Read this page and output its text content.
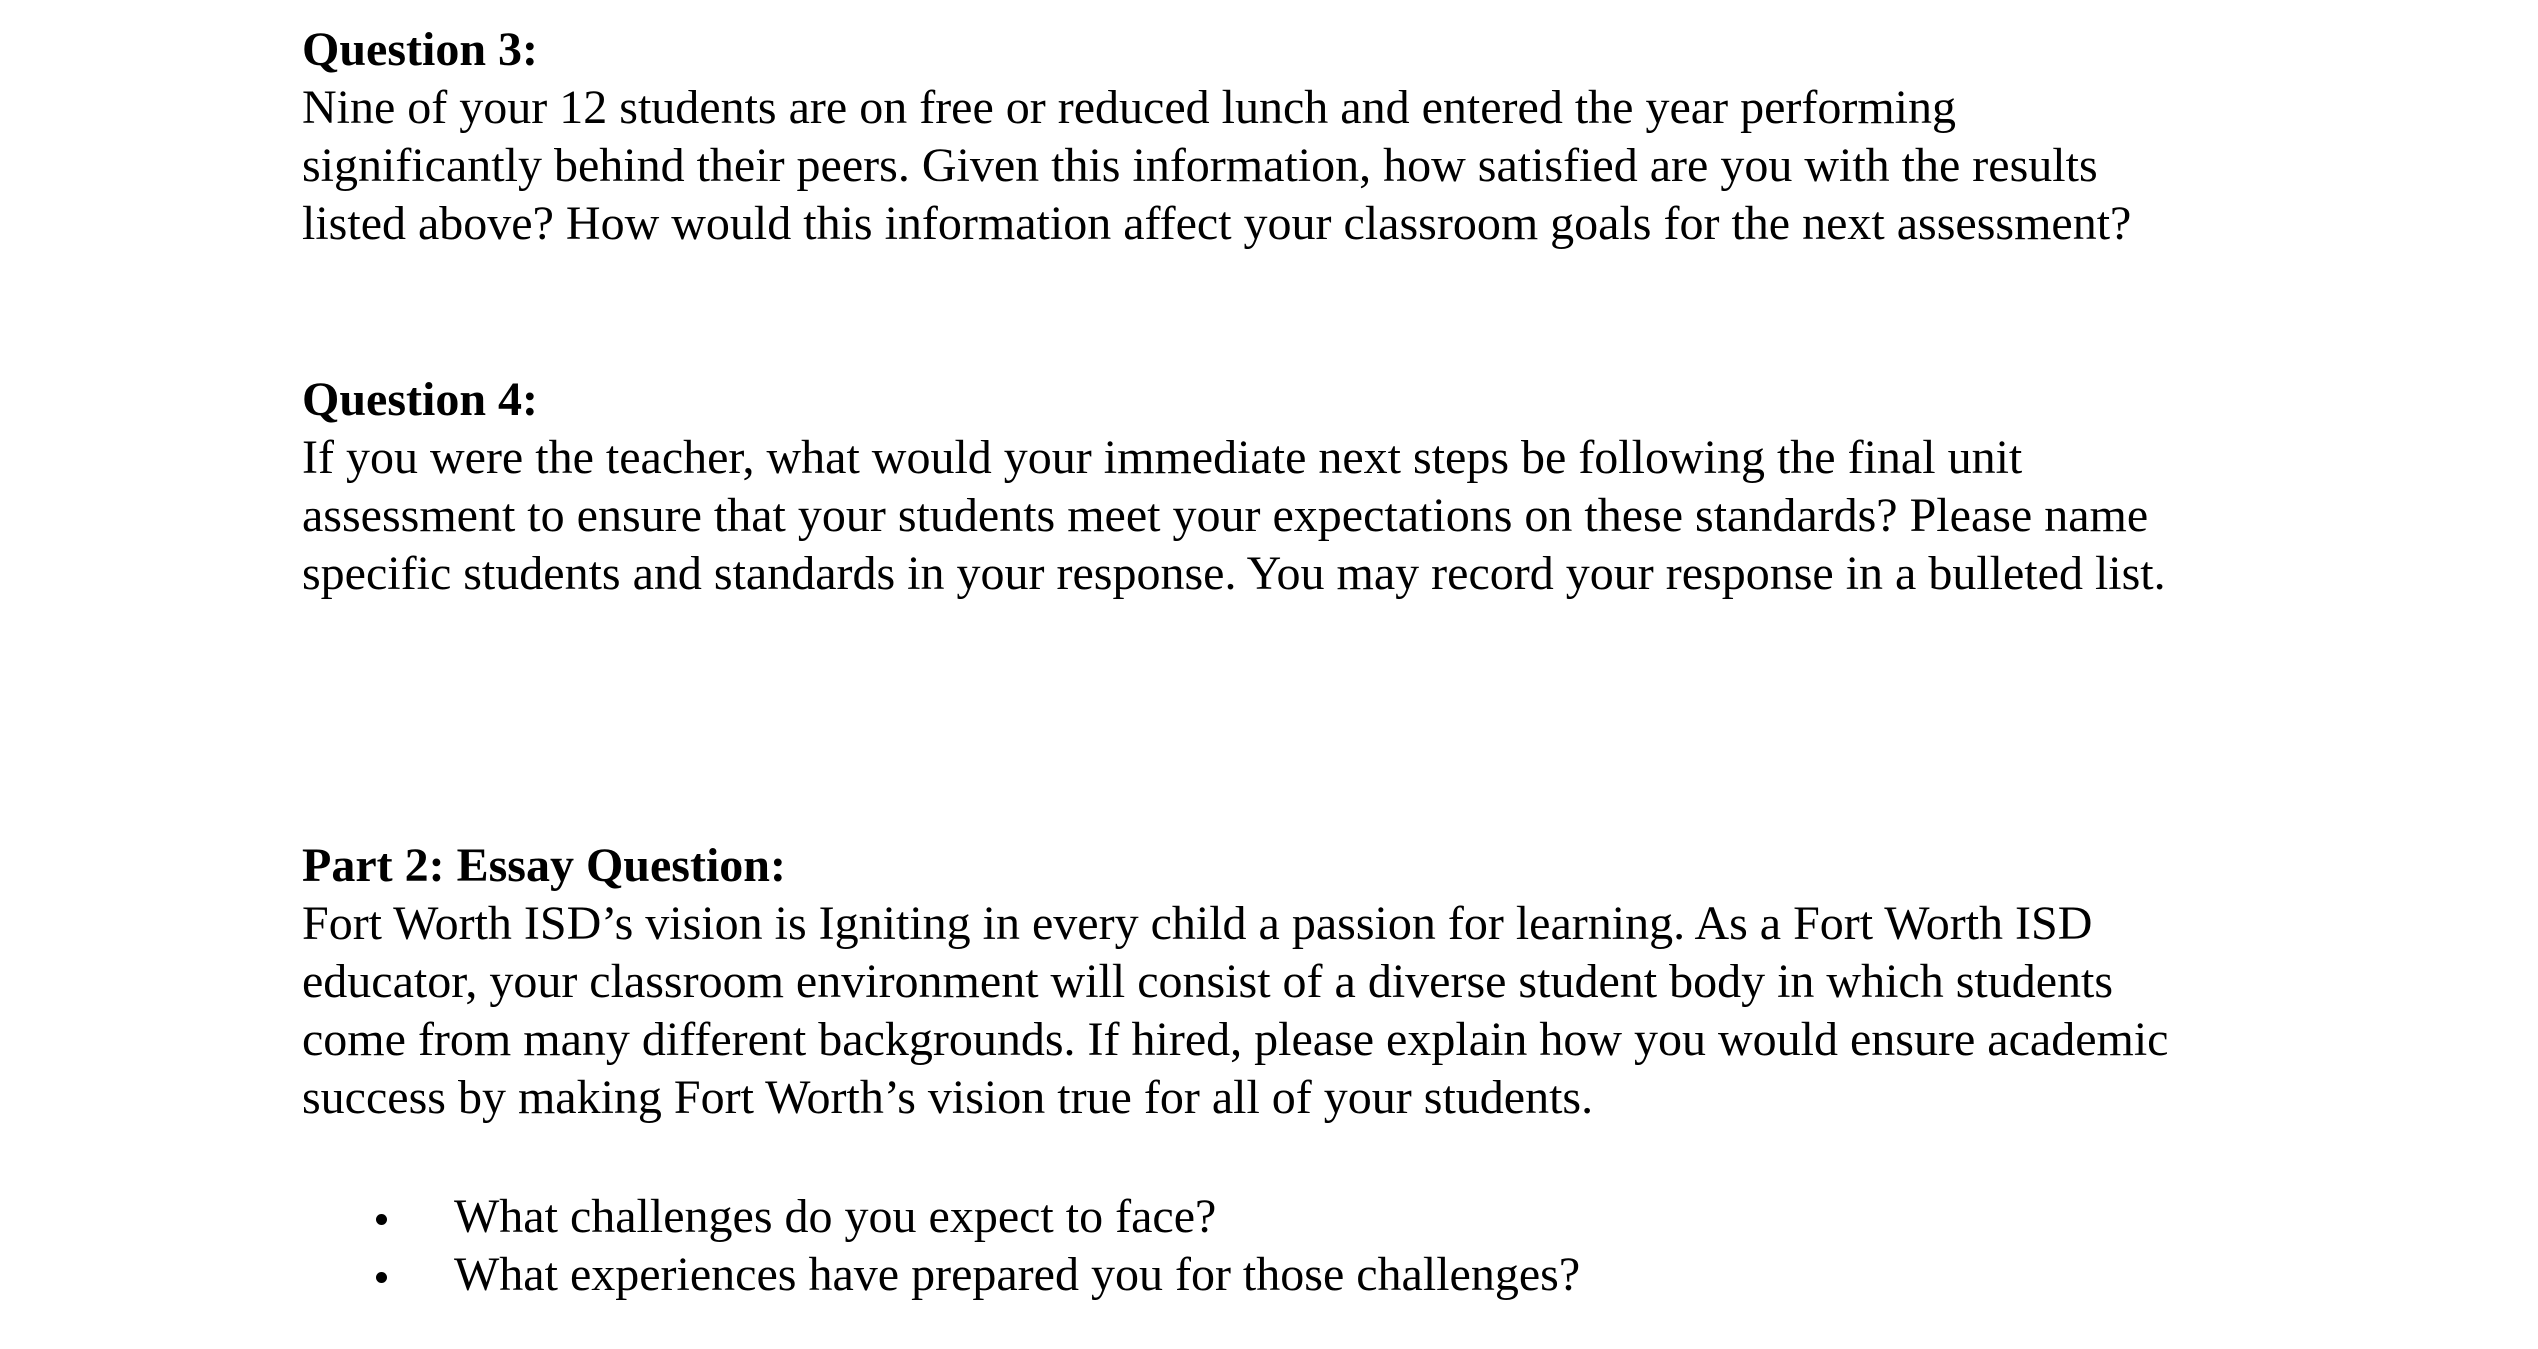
Question 3:

Nine of your 12 students are on free or reduced lunch and entered the year performing

significantly behind their peers. Given this information, how satisfied are you with the results

listed above? How would this information affect your classroom goals for the next assessment?

Question 4:

If you were the teacher, what would your immediate next steps be following the final unit

assessment to ensure that your students meet your expectations on these standards? Please name

specific students and standards in your response. You may record your response in a bulleted list.

Part 2: Essay Question:

Fort Worth ISD’s vision is Igniting in every child a passion for learning. As a Fort Worth ISD

educator, your classroom environment will consist of a diverse student body in which students

come from many different backgrounds. If hired, please explain how you would ensure academic

success by making Fort Worth’s vision true for all of your students.

What challenges do you expect to face?
What experiences have prepared you for those challenges?
